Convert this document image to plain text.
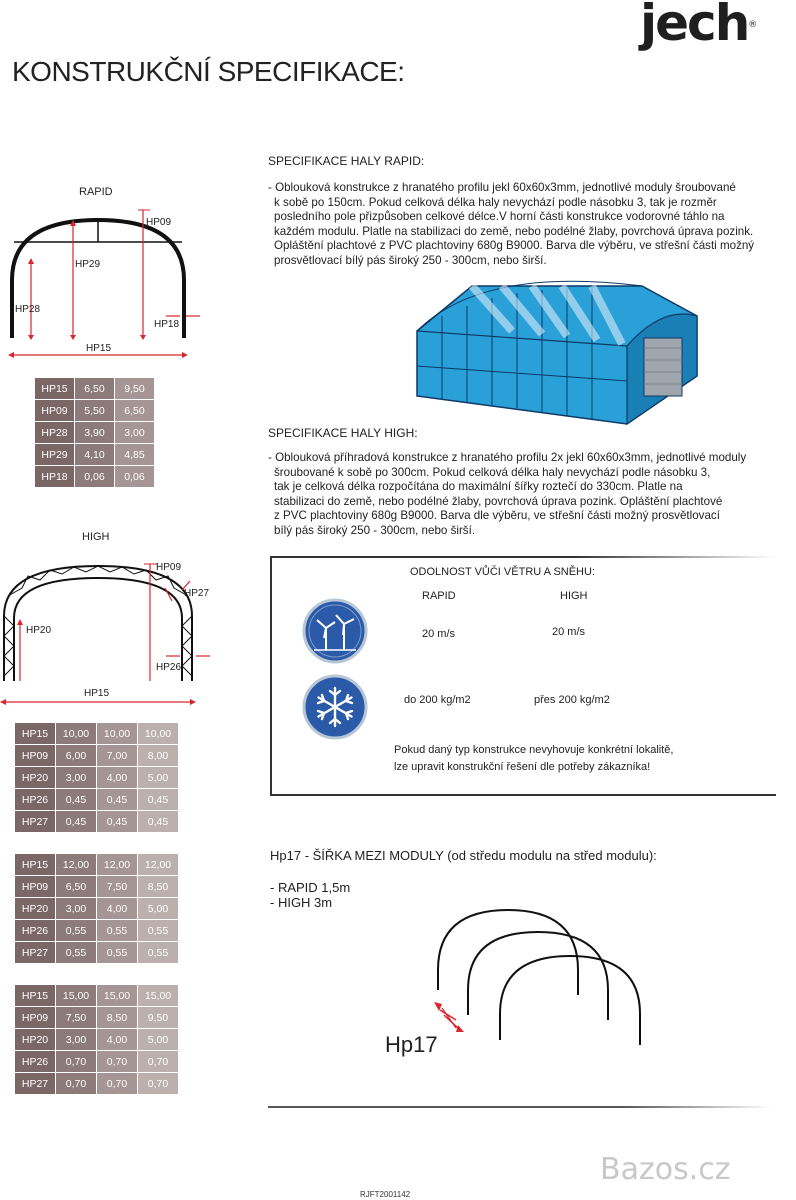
jech®
KONSTRUKČNÍ SPECIFIKACE:
RAPID
HP09
HP29
HP28
HP18
HP15
HP15	6,50	9,50
HP09	5,50	6,50
HP28	3,90	3,00
HP29	4,10	4,85
HP18	0,06	0,06
SPECIFIKACE HALY RAPID:
- Oblouková konstrukce z hranatého profilu jekl 60x60x3mm, jednotlivé moduly šroubované
k sobě po 150cm. Pokud celková délka haly nevychází podle násobku 3, tak je rozměr
posledního pole přizpůsoben celkové délce.V horní části konstrukce vodorovné táhlo na
každém modulu. Platle na stabilizaci do země, nebo podélné žlaby, povrchová úprava pozink.
Opláštění plachtové z PVC plachtoviny 680g B9000. Barva dle výběru, ve střešní části možný
prosvětlovací bílý pás široký 250 - 300cm, nebo širší.
SPECIFIKACE HALY HIGH:
- Oblouková příhradová konstrukce z hranatého profilu 2x jekl 60x60x3mm, jednotlivé moduly
šroubované k sobě po 300cm. Pokud celková délka haly nevychází podle násobku 3,
tak je celková délka rozpočítána do maximální šířky roztečí do 330cm. Platle na
stabilizaci do země, nebo podélné žlaby, povrchová úprava pozink. Opláštění plachtové
z PVC plachtoviny 680g B9000. Barva dle výběru, ve střešní části možný prosvětlovací
bílý pás široký 250 - 300cm, nebo širší.
HIGH
HP09
HP27
HP20
HP26
HP15
HP15	10,00	10,00	10,00
HP09	6,00	7,00	8,00
HP20	3,00	4,00	5,00
HP26	0,45	0,45	0,45
HP27	0,45	0,45	0,45
HP15	12,00	12,00	12,00
HP09	6,50	7,50	8,50
HP20	3,00	4,00	5,00
HP26	0,55	0,55	0,55
HP27	0,55	0,55	0,55
HP15	15,00	15,00	15,00
HP09	7,50	8,50	9,50
HP20	3,00	4,00	5,00
HP26	0,70	0,70	0,70
HP27	0,70	0,70	0,70
ODOLNOST VŮČI VĚTRU A SNĚHU:
RAPID	HIGH
20 m/s	20 m/s
do 200 kg/m2	přes 200 kg/m2
Pokud daný typ konstrukce nevyhovuje konkrétní lokalitě,
lze upravit konstrukční řešení dle potřeby zákazníka!
Hp17 - ŠÍŘKA MEZI MODULY (od středu modulu na střed modulu):
- RAPID 1,5m
- HIGH 3m
Hp17
Bazos.cz
RJFT2001142
